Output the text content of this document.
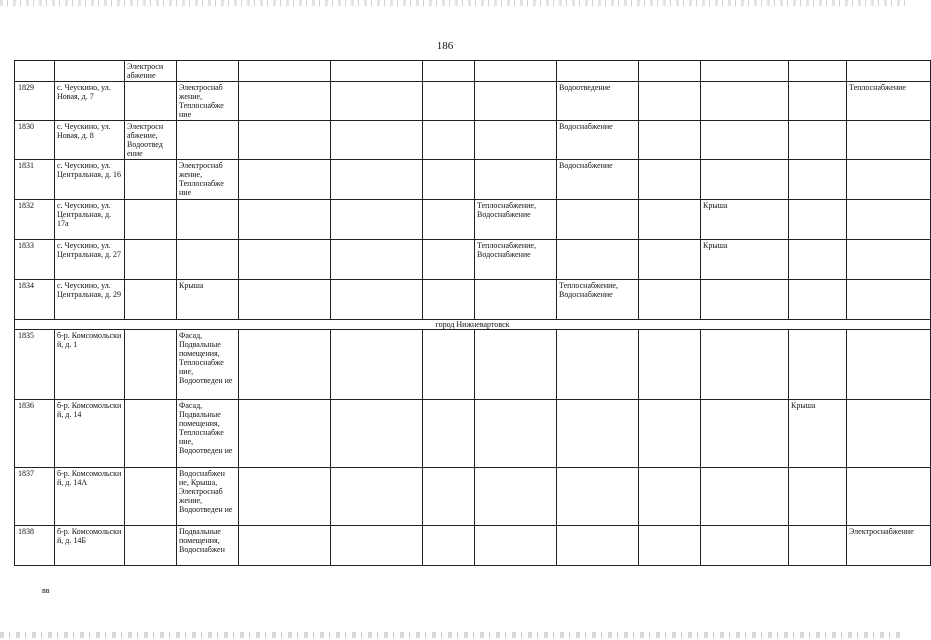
186
		Электроси абжение										
1829	с. Чеускино, ул. Новая, д. 7		Электроснаб жение, Теплоснабже ние					Водоотведение				Теплоснабжение
1830	с. Чеускино, ул. Новая, д. 8	Электросн абжение, Водоотвед ение						Водоснабжение				
1831	с. Чеускино, ул. Центральная, д. 16		Электроснаб жение, Теплоснабже ние					Водоснабжение				
1832	с. Чеускино, ул. Центральная, д. 17а						Теплоснабжение, Водоснабжение			Крыша		
1833	с. Чеускино, ул. Центральная, д. 27						Теплоснабжение, Водоснабжение			Крыша		
1834	с. Чеускино, ул. Центральная, д. 29		Крыша					Теплоснабжение, Водоснабжение				
город Нижневартовск												
1835	б-р. Комсомольски й, д. 1		Фасад, Подвальные помещения, Теплоснабже ние, Водоотведен ие									
1836	б-р. Комсомольски й, д. 14		Фасад, Подвальные помещения, Теплоснабже ние, Водоотведен ие								Крыша	
1837	б-р. Комсомольски й, д. 14А		Водоснабжен ие, Крыша, Электроснаб жение, Водоотведен ие									
1838	б-р. Комсомольски й, д. 14Б		Подвальные помещения, Водоснабжен									Электроснабжение
вв
